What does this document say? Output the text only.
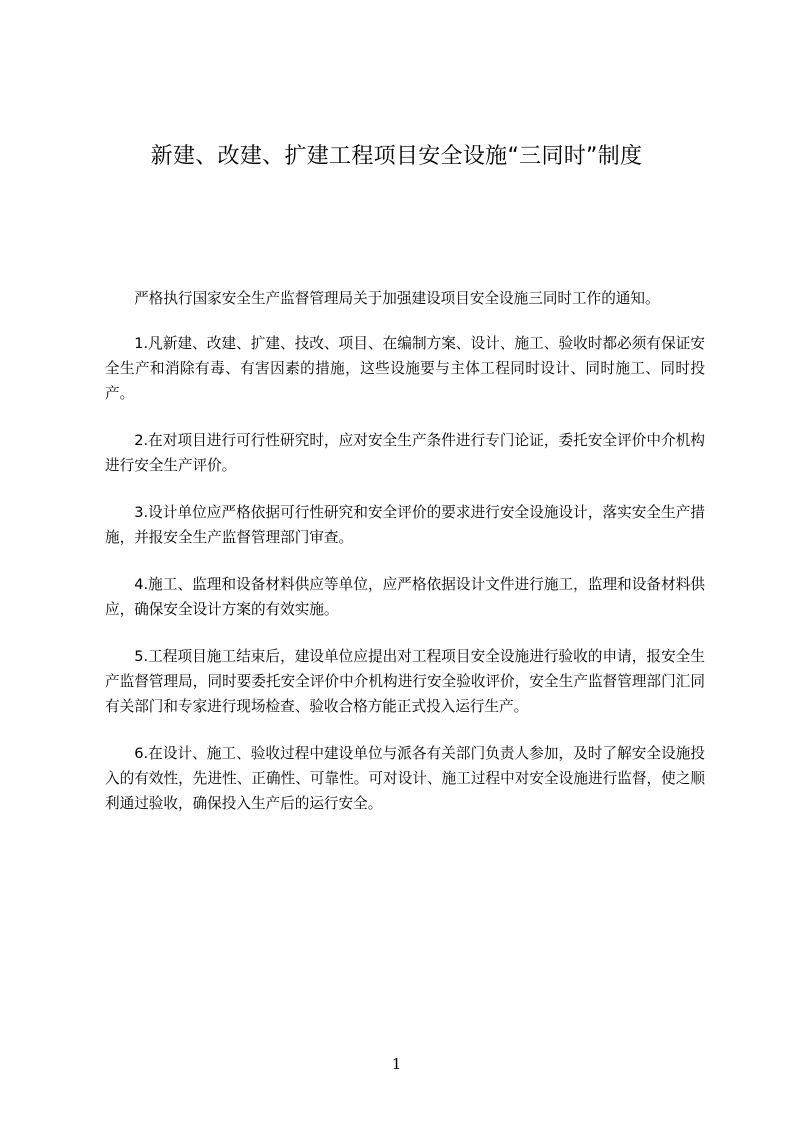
新建、改建、扩建工程项目安全设施“三同时”制度

严格执行国家安全生产监督管理局关于加强建设项目安全设施三同时工作的通知。

1.凡新建、改建、扩建、技改、项目、在编制方案、设计、施工、验收时都必须有保证安全生产和消除有毒、有害因素的措施，这些设施要与主体工程同时设计、同时施工、同时投产。

2.在对项目进行可行性研究时，应对安全生产条件进行专门论证，委托安全评价中介机构进行安全生产评价。

3.设计单位应严格依据可行性研究和安全评价的要求进行安全设施设计，落实安全生产措施，并报安全生产监督管理部门审查。

4.施工、监理和设备材料供应等单位，应严格依据设计文件进行施工，监理和设备材料供应，确保安全设计方案的有效实施。

5.工程项目施工结束后，建设单位应提出对工程项目安全设施进行验收的申请，报安全生产监督管理局，同时要委托安全评价中介机构进行安全验收评价，安全生产监督管理部门汇同有关部门和专家进行现场检查、验收合格方能正式投入运行生产。

6.在设计、施工、验收过程中建设单位与派各有关部门负责人参加，及时了解安全设施投入的有效性，先进性、正确性、可靠性。可对设计、施工过程中对安全设施进行监督，使之顺利通过验收，确保投入生产后的运行安全。

1
